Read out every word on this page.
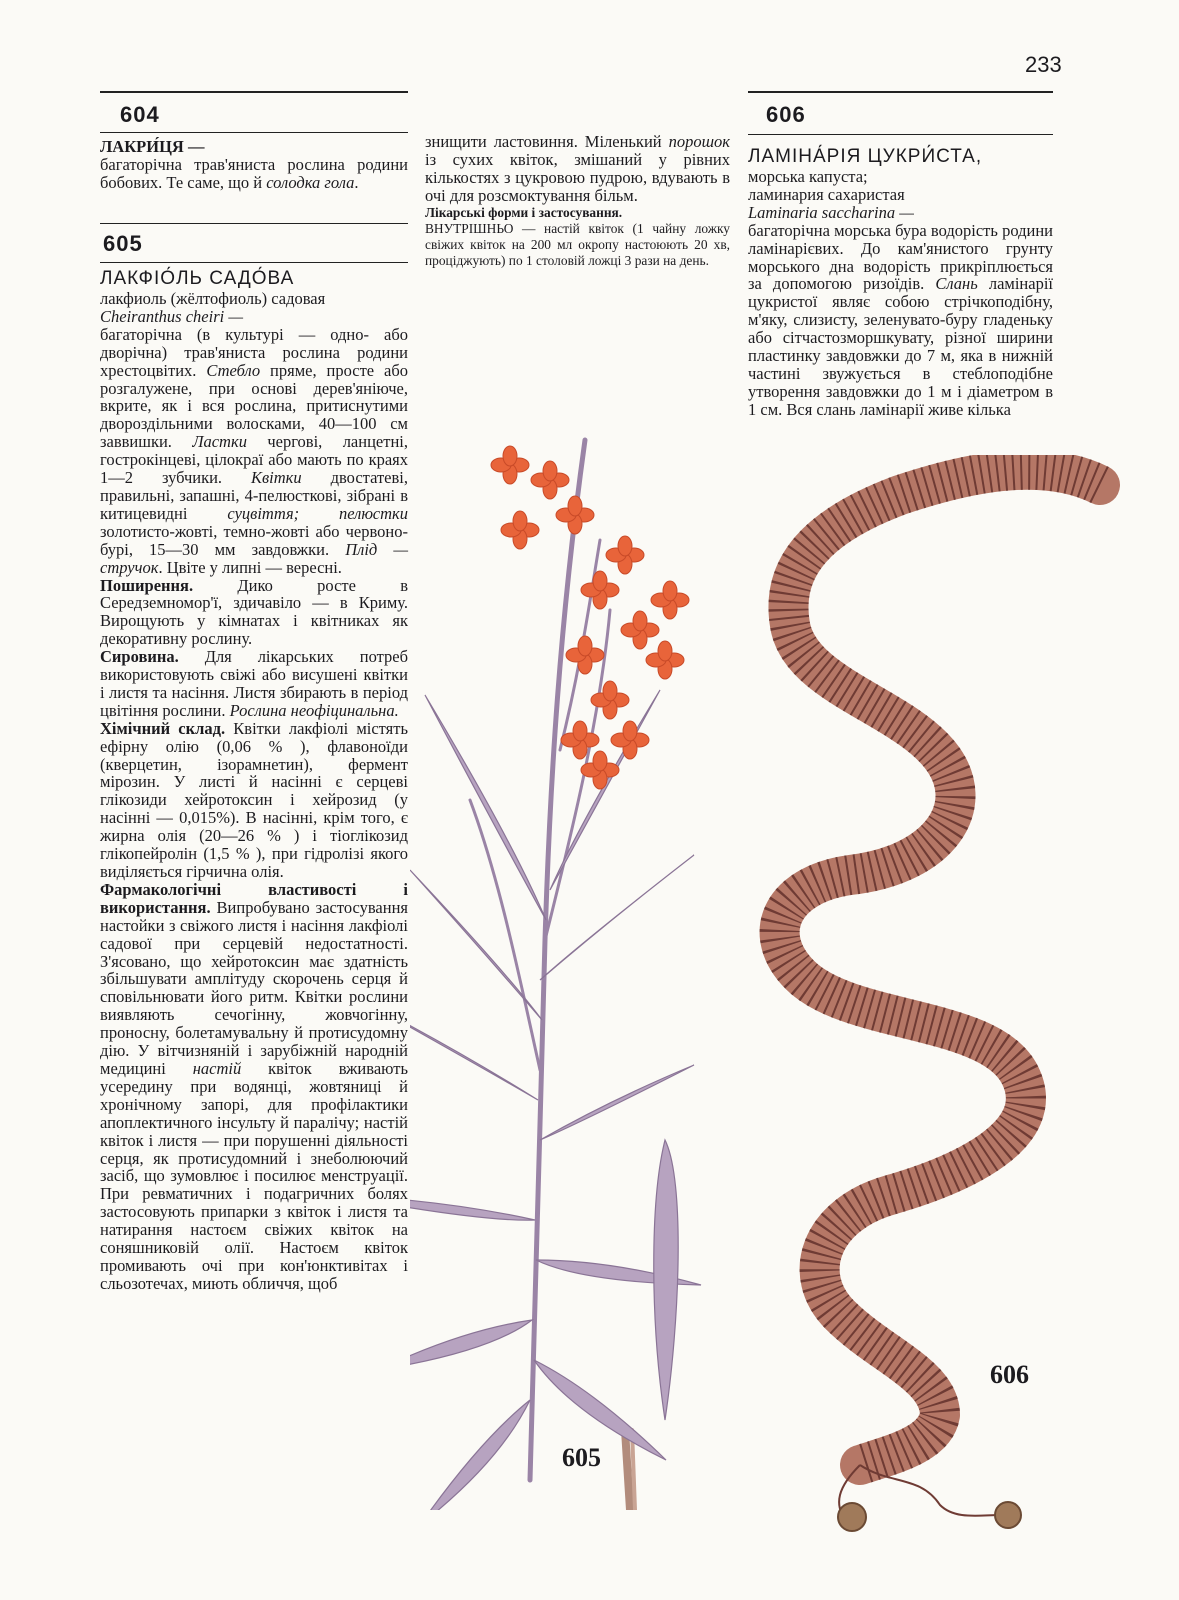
233
604
605
606

ЛАКРИ́ЦЯ —

багаторічна трав'яниста рослина родини бобових. Те саме, що й солодка гола.

ЛАКФІО́ЛЬ САДО́ВА

лакфиоль (жёлтофиоль) садовая

Cheiranthus cheiri —

багаторічна (в культурі — одно- або дворічна) трав'яниста рослина родини хрестоцвітих. Стебло пряме, просте або розгалужене, при основі дерев'яніюче, вкрите, як і вся рослина, притиснутими двороздільними волосками, 40—100 см заввишки. Ластки чергові, ланцетні, гострокінцеві, цілокраї або мають по краях 1—2 зубчики. Квітки двостатеві, правильні, запашні, 4-пелюсткові, зібрані в китицевидні суцвіття; пелюстки золотисто-жовті, темно-жовті або червоно-бурі, 15—30 мм завдовжки. Плід — стручок. Цвіте у липні — вересні.

Поширення. Дико росте в Середземномор'ї, здичавіло — в Криму. Вирощують у кімнатах і квітниках як декоративну рослину.

Сировина. Для лікарських потреб використовують свіжі або висушені квітки і листя та насіння. Листя збирають в період цвітіння рослини. Рослина неофіцинальна.

Хімічний склад. Квітки лакфіолі містять ефірну олію (0,06 % ), флавоноїди (кверцетин, ізорамнетин), фермент мірозин. У листі й насінні є серцеві глікозиди хейротоксин і хейрозид (у насінні — 0,015%). В насінні, крім того, є жирна олія (20—26 % ) і тіоглікозид глікопейролін (1,5 % ), при гідролізі якого виділяється гірчична олія.

Фармакологічні властивості і використання. Випробувано застосування настойки з свіжого листя і насіння лакфіолі садової при серцевій недостатності. З'ясовано, що хейротоксин має здатність збільшувати амплітуду скорочень серця й сповільнювати його ритм. Квітки рослини виявляють сечогінну, жовчогінну, проносну, болетамувальну й протисудомну дію. У вітчизняній і зарубіжній народній медицині настій квіток вживають усередину при водянці, жовтяниці й хронічному запорі, для профілактики апоплектичного інсульту й паралічу; настій квіток і листя — при порушенні діяльності серця, як протисудомний і знеболюючий засіб, що зумовлює і посилює менструації. При ревматичних і подагричних болях застосовують припарки з квіток і листя та натирання настоєм свіжих квіток на соняшниковій олії. Настоєм квіток промивають очі при кон'юнктивітах і сльозотечах, миють обличчя, щоб

знищити ластовиння. Міленький порошок із сухих квіток, змішаний у рівних кількостях з цукровою пудрою, вдувають в очі для розсмоктування більм.

Лікарські форми і застосування.

ВНУТРІШНЬО — настій квіток (1 чайну ложку свіжих квіток на 200 мл окропу настоюють 20 хв, проціджують) по 1 столовій ложці 3 рази на день.

ЛАМІНА́РІЯ ЦУКРИ́СТА,

морська капуста;

ламинария сахаристая

Laminaria saccharina —

багаторічна морська бура водорість родини ламінарієвих. До кам'янистого грунту морського дна водорість прикріплюється за допомогою ризоїдів. Слань ламінарії цукристої являє собою стрічкоподібну, м'яку, слизисту, зеленувато-буру гладеньку або сітчастозморшкувату, різної ширини пластинку завдовжки до 7 м, яка в нижній частині звужується в стеблоподібне утворення завдовжки до 1 м і діаметром в 1 см. Вся слань ламінарії живе кілька

605
606
